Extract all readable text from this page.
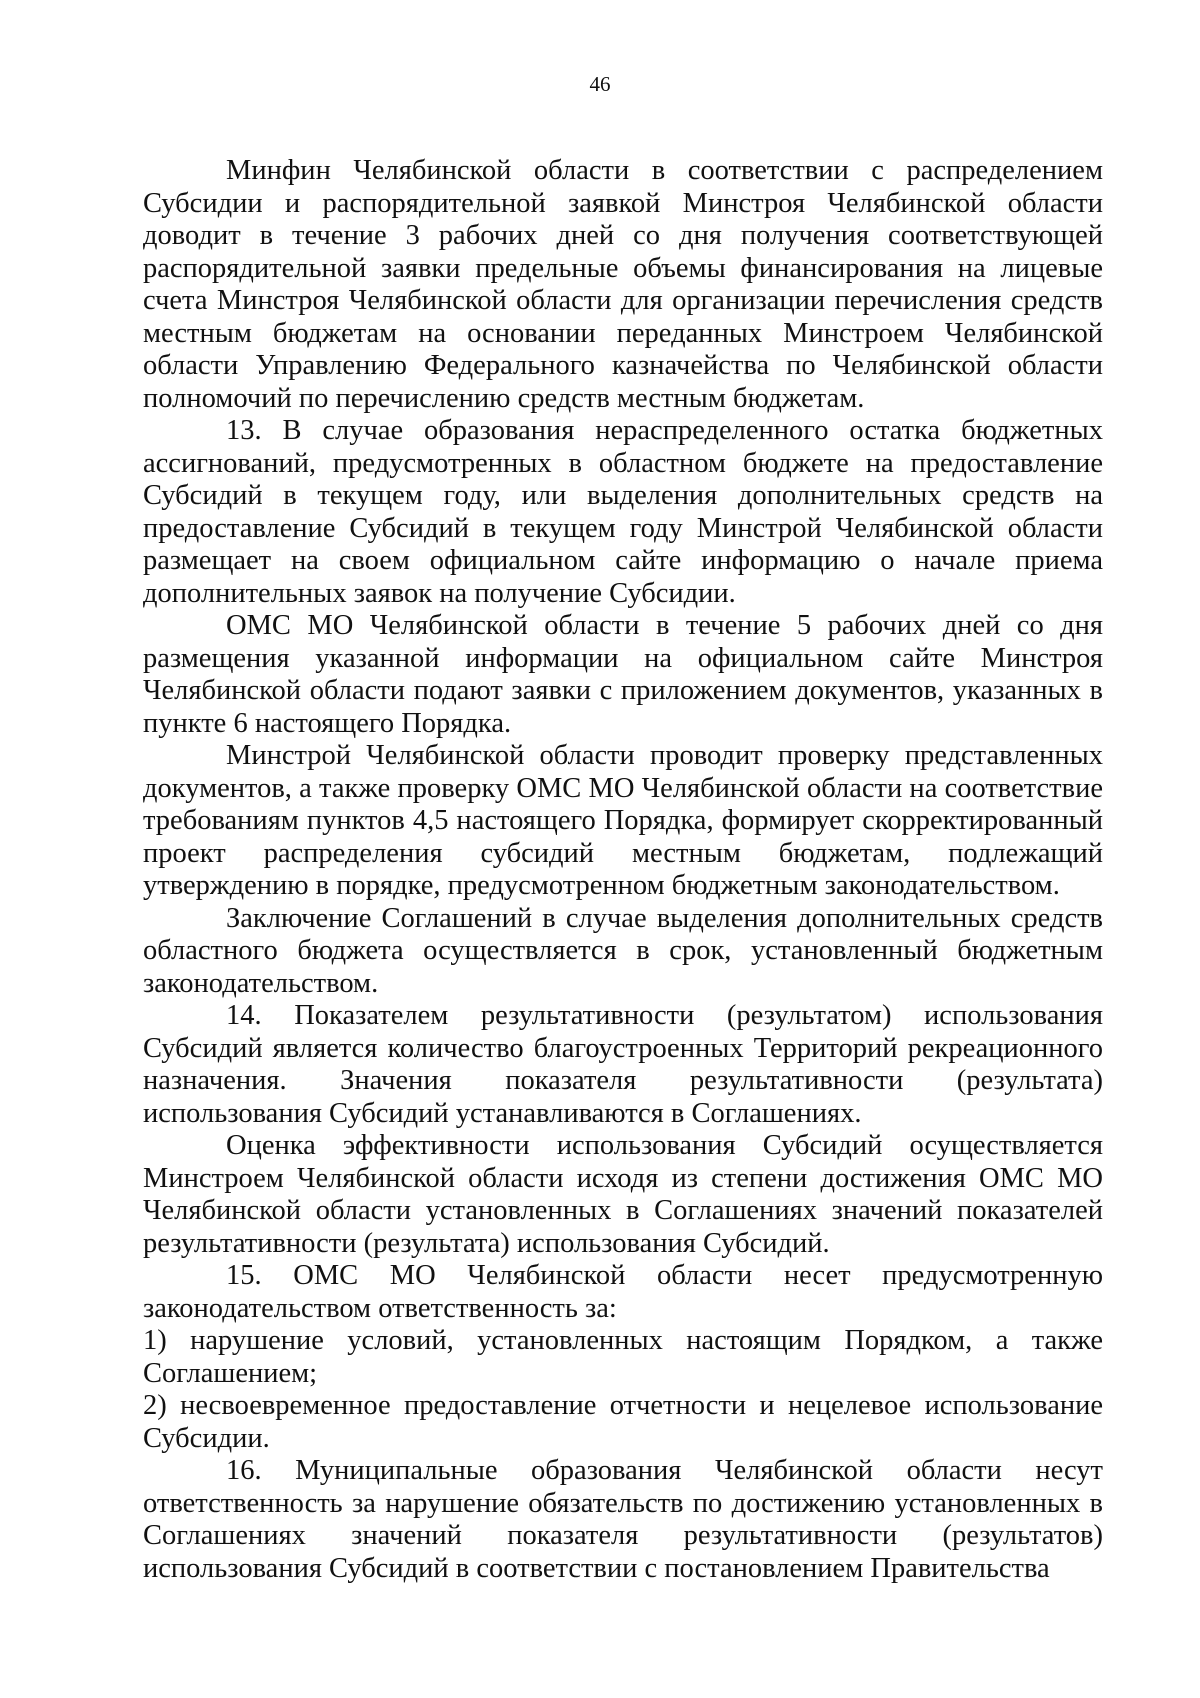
46

Минфин Челябинской области в соответствии с распределением Субсидии и распорядительной заявкой Минстроя Челябинской области доводит в течение 3 рабочих дней со дня получения соответствующей распорядительной заявки предельные объемы финансирования на лицевые счета Минстроя Челябинской области для организации перечисления средств местным бюджетам на основании переданных Минстроем Челябинской области Управлению Федерального казначейства по Челябинской области полномочий по перечислению средств местным бюджетам.

13. В случае образования нераспределенного остатка бюджетных ассигнований, предусмотренных в областном бюджете на предоставление Субсидий в текущем году, или выделения дополнительных средств на предоставление Субсидий в текущем году Минстрой Челябинской области размещает на своем официальном сайте информацию о начале приема дополнительных заявок на получение Субсидии.

ОМС МО Челябинской области в течение 5 рабочих дней со дня размещения указанной информации на официальном сайте Минстроя Челябинской области подают заявки с приложением документов, указанных в пункте 6 настоящего Порядка.

Минстрой Челябинской области проводит проверку представленных документов, а также проверку ОМС МО Челябинской области на соответствие требованиям пунктов 4,5 настоящего Порядка, формирует скорректированный проект распределения субсидий местным бюджетам, подлежащий утверждению в порядке, предусмотренном бюджетным законодательством.

Заключение Соглашений в случае выделения дополнительных средств областного бюджета осуществляется в срок, установленный бюджетным законодательством.

14. Показателем результативности (результатом) использования Субсидий является количество благоустроенных Территорий рекреационного назначения. Значения показателя результативности (результата) использования Субсидий устанавливаются в Соглашениях.

Оценка эффективности использования Субсидий осуществляется Минстроем Челябинской области исходя из степени достижения ОМС МО Челябинской области установленных в Соглашениях значений показателей результативности (результата) использования Субсидий.

15. ОМС МО Челябинской области несет предусмотренную законодательством ответственность за:

1) нарушение условий, установленных настоящим Порядком, а также Соглашением;

2) несвоевременное предоставление отчетности и нецелевое использование Субсидии.

16. Муниципальные образования Челябинской области несут ответственность за нарушение обязательств по достижению установленных в Соглашениях значений показателя результативности (результатов) использования Субсидий в соответствии с постановлением Правительства
